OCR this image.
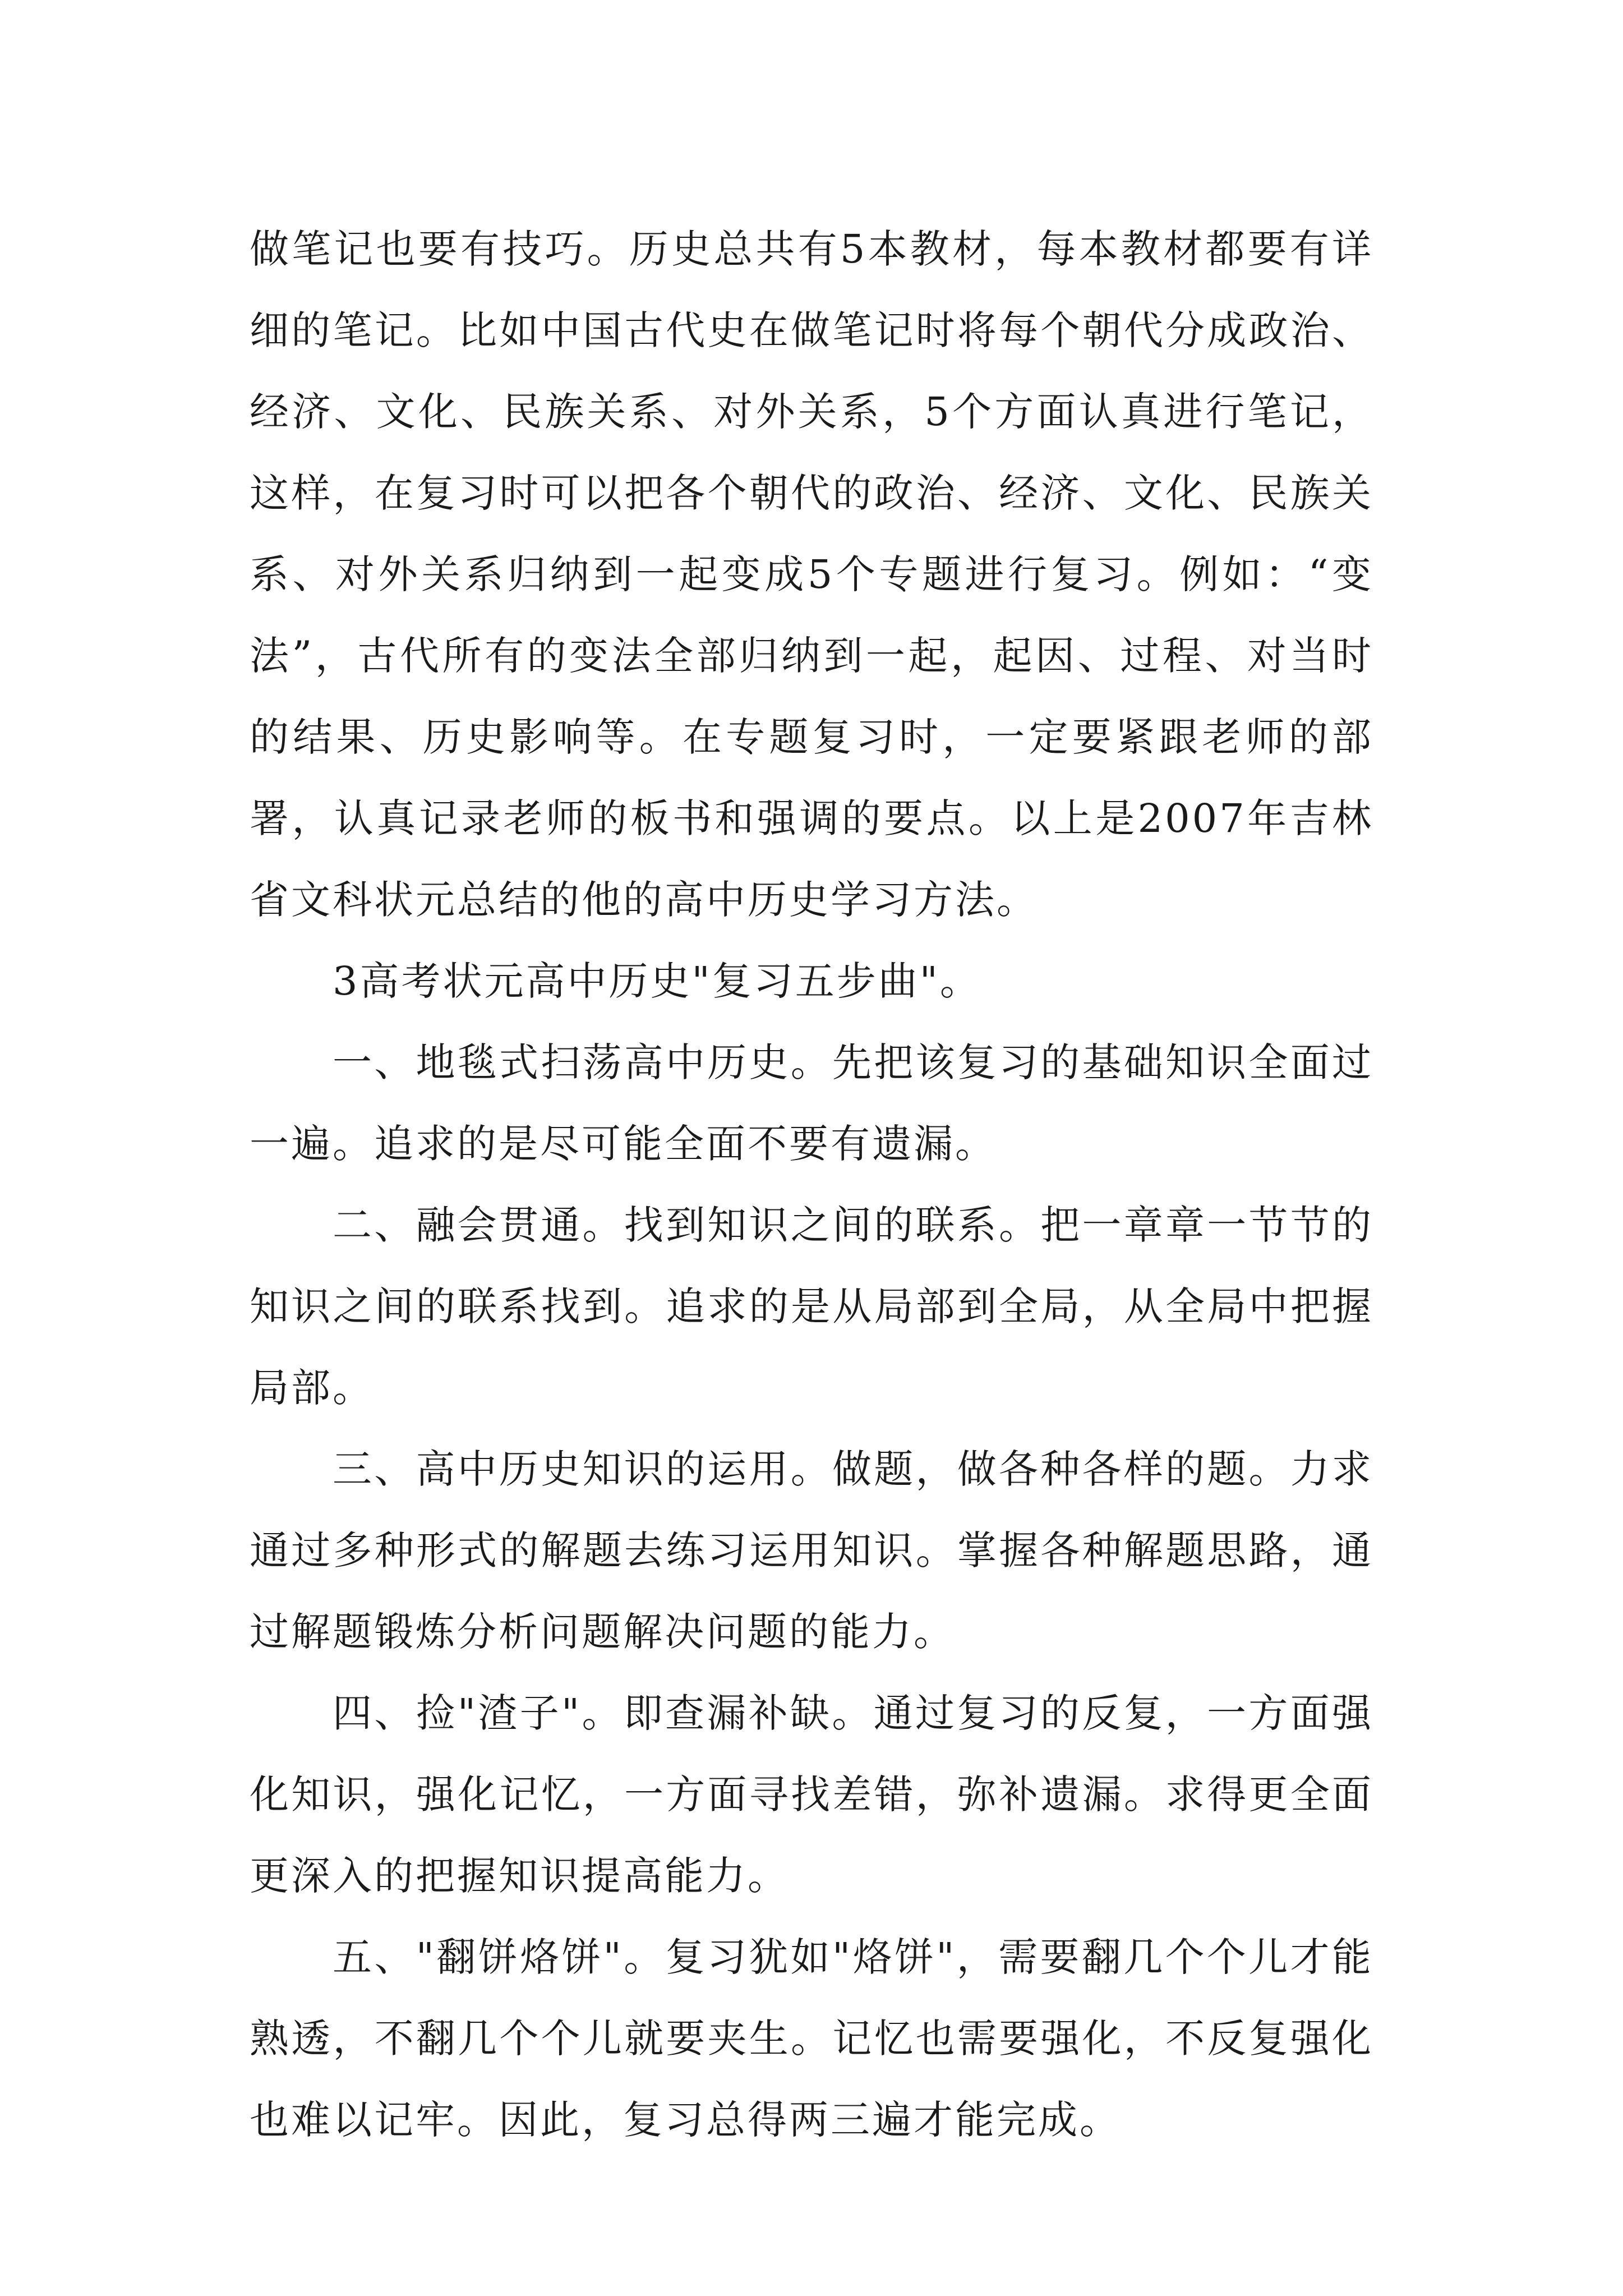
做笔记也要有技巧。历史总共有5本教材，每本教材都要有详细的笔记。比如中国古代史在做笔记时将每个朝代分成政治、经济、文化、民族关系、对外关系，5个方面认真进行笔记，这样，在复习时可以把各个朝代的政治、经济、文化、民族关系、对外关系归纳到一起变成5个专题进行复习。例如：“变法”，古代所有的变法全部归纳到一起，起因、过程、对当时的结果、历史影响等。在专题复习时，一定要紧跟老师的部署，认真记录老师的板书和强调的要点。以上是2007年吉林省文科状元总结的他的高中历史学习方法。

3高考状元高中历史"复习五步曲"。

一、地毯式扫荡高中历史。先把该复习的基础知识全面过一遍。追求的是尽可能全面不要有遗漏。

二、融会贯通。找到知识之间的联系。把一章章一节节的知识之间的联系找到。追求的是从局部到全局，从全局中把握局部。

三、高中历史知识的运用。做题，做各种各样的题。力求通过多种形式的解题去练习运用知识。掌握各种解题思路，通过解题锻炼分析问题解决问题的能力。

四、捡"渣子"。即查漏补缺。通过复习的反复，一方面强化知识，强化记忆，一方面寻找差错，弥补遗漏。求得更全面更深入的把握知识提高能力。

五、"翻饼烙饼"。复习犹如"烙饼"，需要翻几个个儿才能熟透，不翻几个个儿就要夹生。记忆也需要强化，不反复强化也难以记牢。因此，复习总得两三遍才能完成。
